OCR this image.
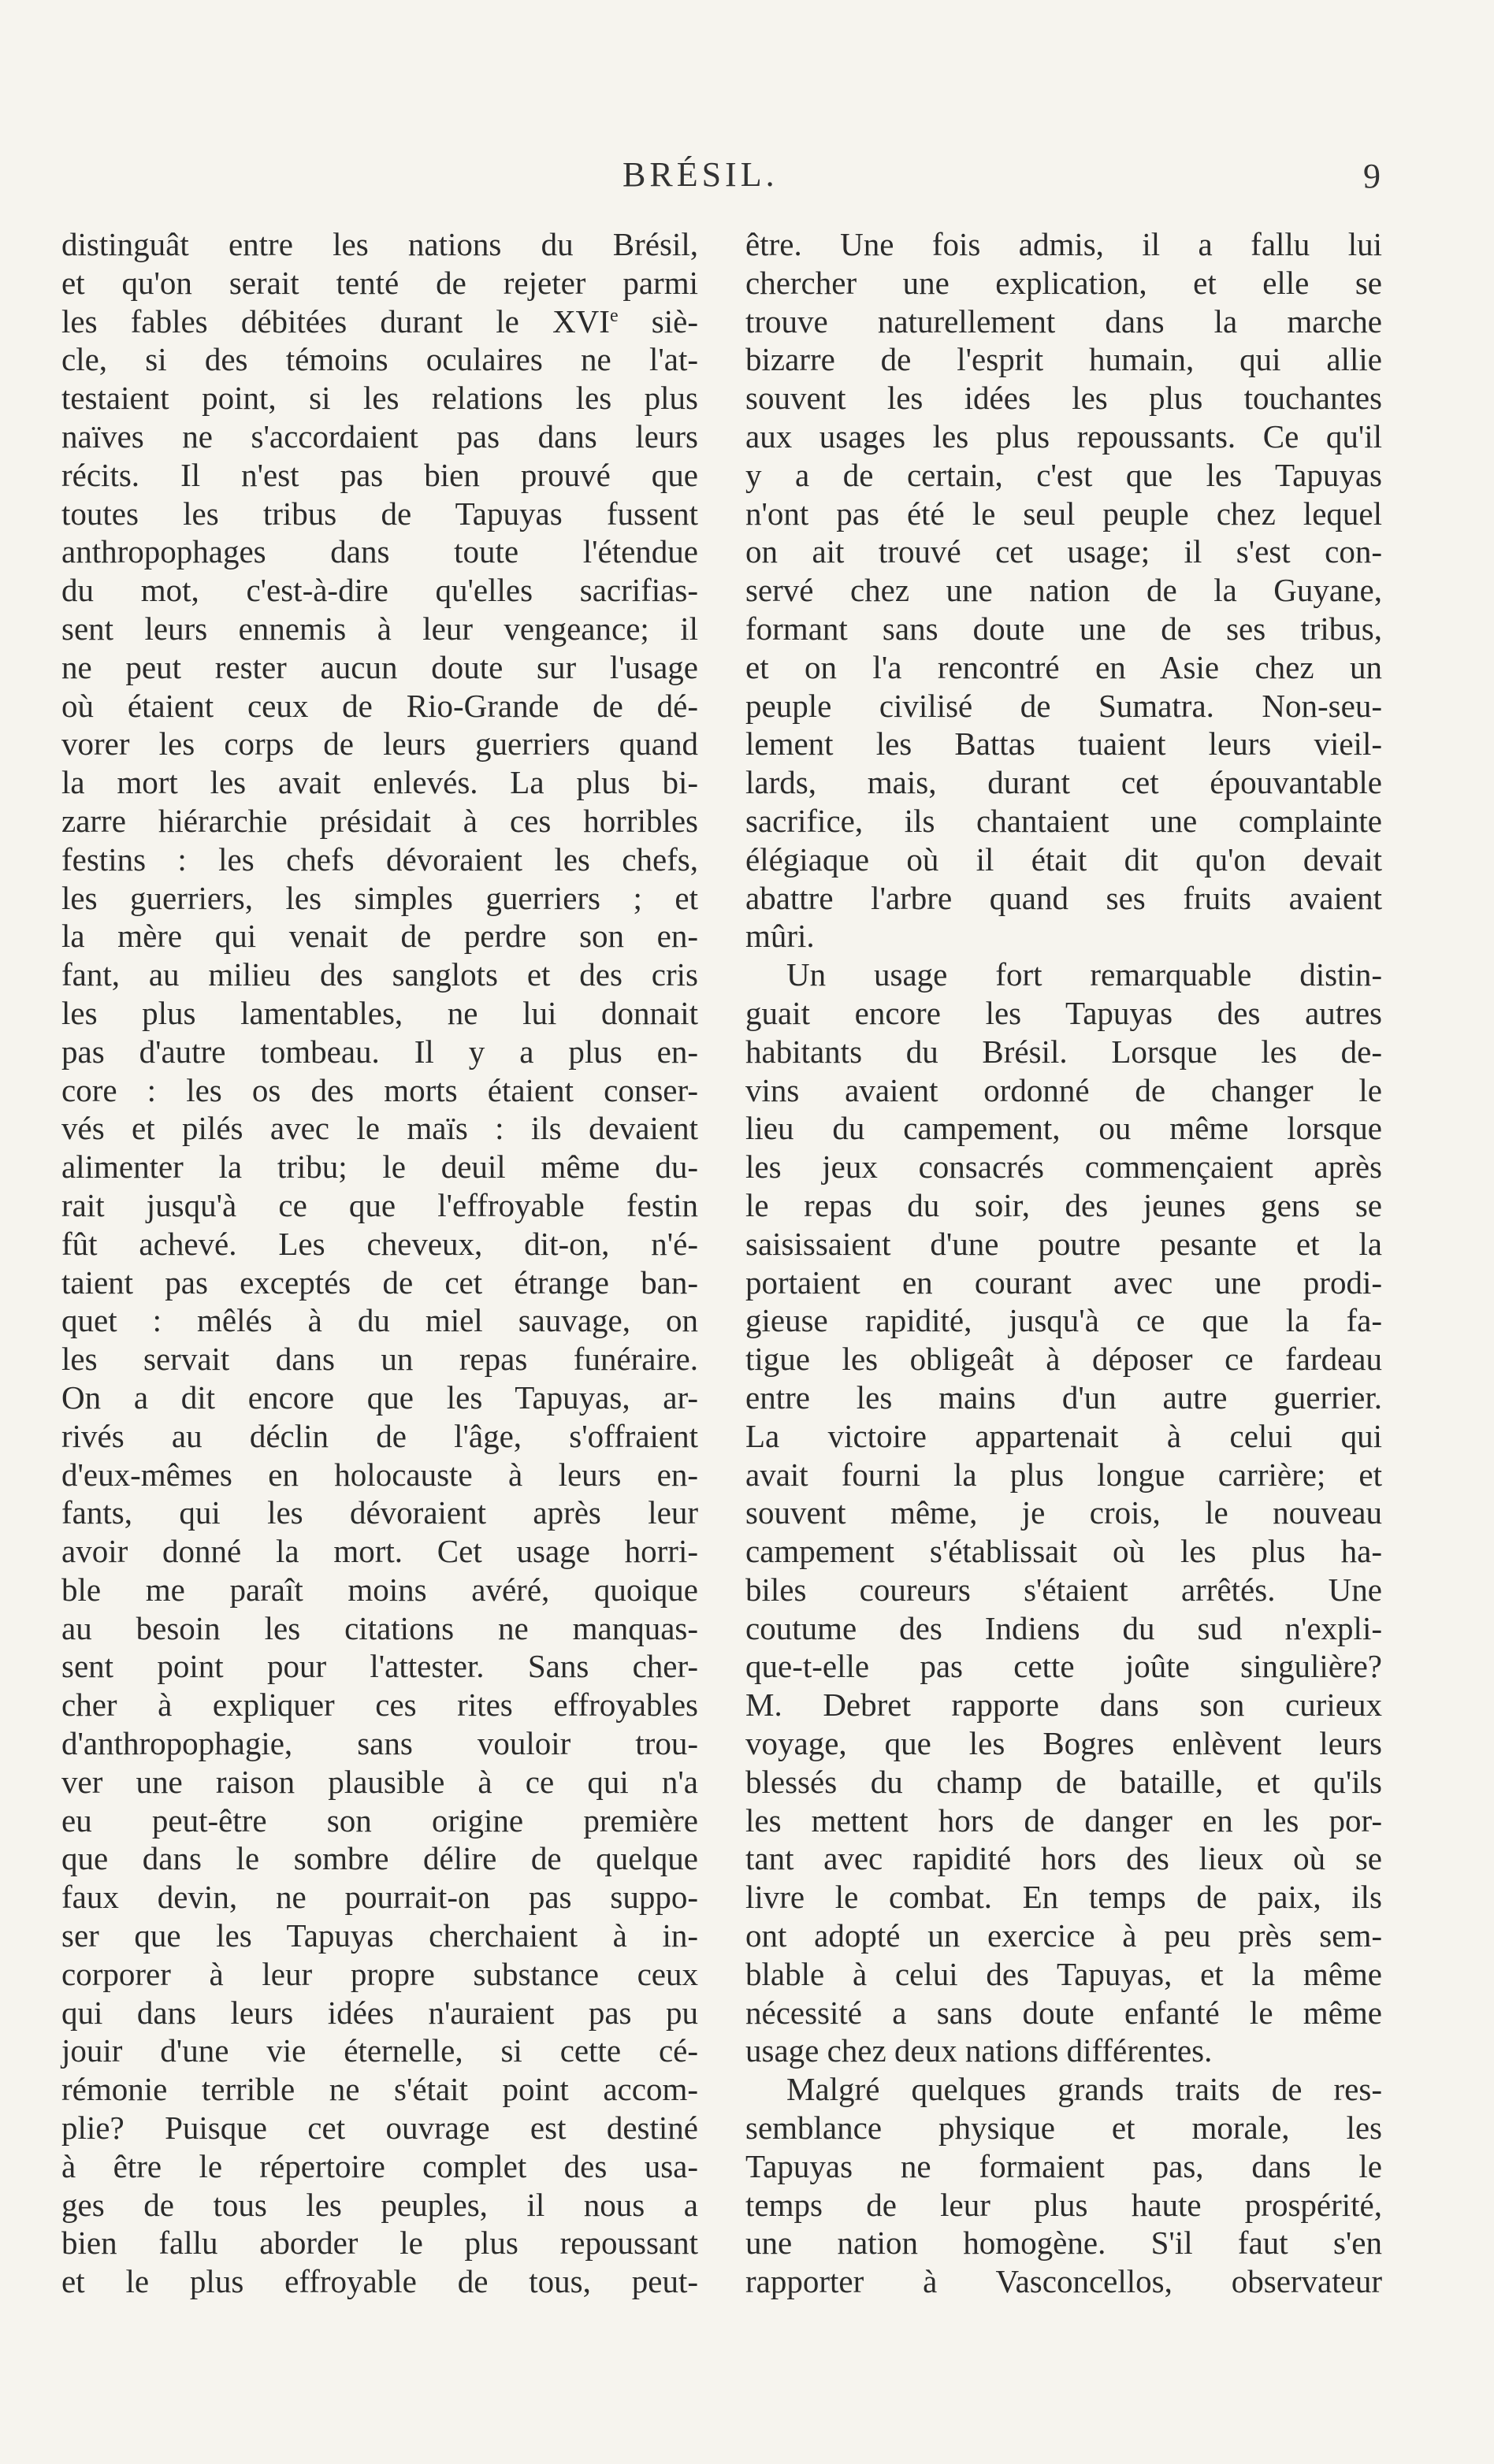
BRÉSIL.	9
distinguât entre les nations du Brésil,
et qu'on serait tenté de rejeter parmi
les fables débitées durant le XVIe siè-
cle, si des témoins oculaires ne l'at-
testaient point, si les relations les plus
naïves ne s'accordaient pas dans leurs
récits. Il n'est pas bien prouvé que
toutes les tribus de Tapuyas fussent
anthropophages dans toute l'étendue
du mot, c'est-à-dire qu'elles sacrifias-
sent leurs ennemis à leur vengeance; il
ne peut rester aucun doute sur l'usage
où étaient ceux de Rio-Grande de dé-
vorer les corps de leurs guerriers quand
la mort les avait enlevés. La plus bi-
zarre hiérarchie présidait à ces horribles
festins : les chefs dévoraient les chefs,
les guerriers, les simples guerriers ; et
la mère qui venait de perdre son en-
fant, au milieu des sanglots et des cris
les plus lamentables, ne lui donnait
pas d'autre tombeau. Il y a plus en-
core : les os des morts étaient conser-
vés et pilés avec le maïs : ils devaient
alimenter la tribu; le deuil même du-
rait jusqu'à ce que l'effroyable festin
fût achevé. Les cheveux, dit-on, n'é-
taient pas exceptés de cet étrange ban-
quet : mêlés à du miel sauvage, on
les servait dans un repas funéraire.
On a dit encore que les Tapuyas, ar-
rivés au déclin de l'âge, s'offraient
d'eux-mêmes en holocauste à leurs en-
fants, qui les dévoraient après leur
avoir donné la mort. Cet usage horri-
ble me paraît moins avéré, quoique
au besoin les citations ne manquas-
sent point pour l'attester. Sans cher-
cher à expliquer ces rites effroyables
d'anthropophagie, sans vouloir trou-
ver une raison plausible à ce qui n'a
eu peut-être son origine première
que dans le sombre délire de quelque
faux devin, ne pourrait-on pas suppo-
ser que les Tapuyas cherchaient à in-
corporer à leur propre substance ceux
qui dans leurs idées n'auraient pas pu
jouir d'une vie éternelle, si cette cé-
rémonie terrible ne s'était point accom-
plie? Puisque cet ouvrage est destiné
à être le répertoire complet des usa-
ges de tous les peuples, il nous a
bien fallu aborder le plus repoussant
et le plus effroyable de tous, peut-
être. Une fois admis, il a fallu lui
chercher une explication, et elle se
trouve naturellement dans la marche
bizarre de l'esprit humain, qui allie
souvent les idées les plus touchantes
aux usages les plus repoussants. Ce qu'il
y a de certain, c'est que les Tapuyas
n'ont pas été le seul peuple chez lequel
on ait trouvé cet usage; il s'est con-
servé chez une nation de la Guyane,
formant sans doute une de ses tribus,
et on l'a rencontré en Asie chez un
peuple civilisé de Sumatra. Non-seu-
lement les Battas tuaient leurs vieil-
lards, mais, durant cet épouvantable
sacrifice, ils chantaient une complainte
élégiaque où il était dit qu'on devait
abattre l'arbre quand ses fruits avaient
mûri.
Un usage fort remarquable distin-
guait encore les Tapuyas des autres
habitants du Brésil. Lorsque les de-
vins avaient ordonné de changer le
lieu du campement, ou même lorsque
les jeux consacrés commençaient après
le repas du soir, des jeunes gens se
saisissaient d'une poutre pesante et la
portaient en courant avec une prodi-
gieuse rapidité, jusqu'à ce que la fa-
tigue les obligeât à déposer ce fardeau
entre les mains d'un autre guerrier.
La victoire appartenait à celui qui
avait fourni la plus longue carrière; et
souvent même, je crois, le nouveau
campement s'établissait où les plus ha-
biles coureurs s'étaient arrêtés. Une
coutume des Indiens du sud n'expli-
que-t-elle pas cette joûte singulière?
M. Debret rapporte dans son curieux
voyage, que les Bogres enlèvent leurs
blessés du champ de bataille, et qu'ils
les mettent hors de danger en les por-
tant avec rapidité hors des lieux où se
livre le combat. En temps de paix, ils
ont adopté un exercice à peu près sem-
blable à celui des Tapuyas, et la même
nécessité a sans doute enfanté le même
usage chez deux nations différentes.
Malgré quelques grands traits de res-
semblance physique et morale, les
Tapuyas ne formaient pas, dans le
temps de leur plus haute prospérité,
une nation homogène. S'il faut s'en
rapporter à Vasconcellos, observateur
